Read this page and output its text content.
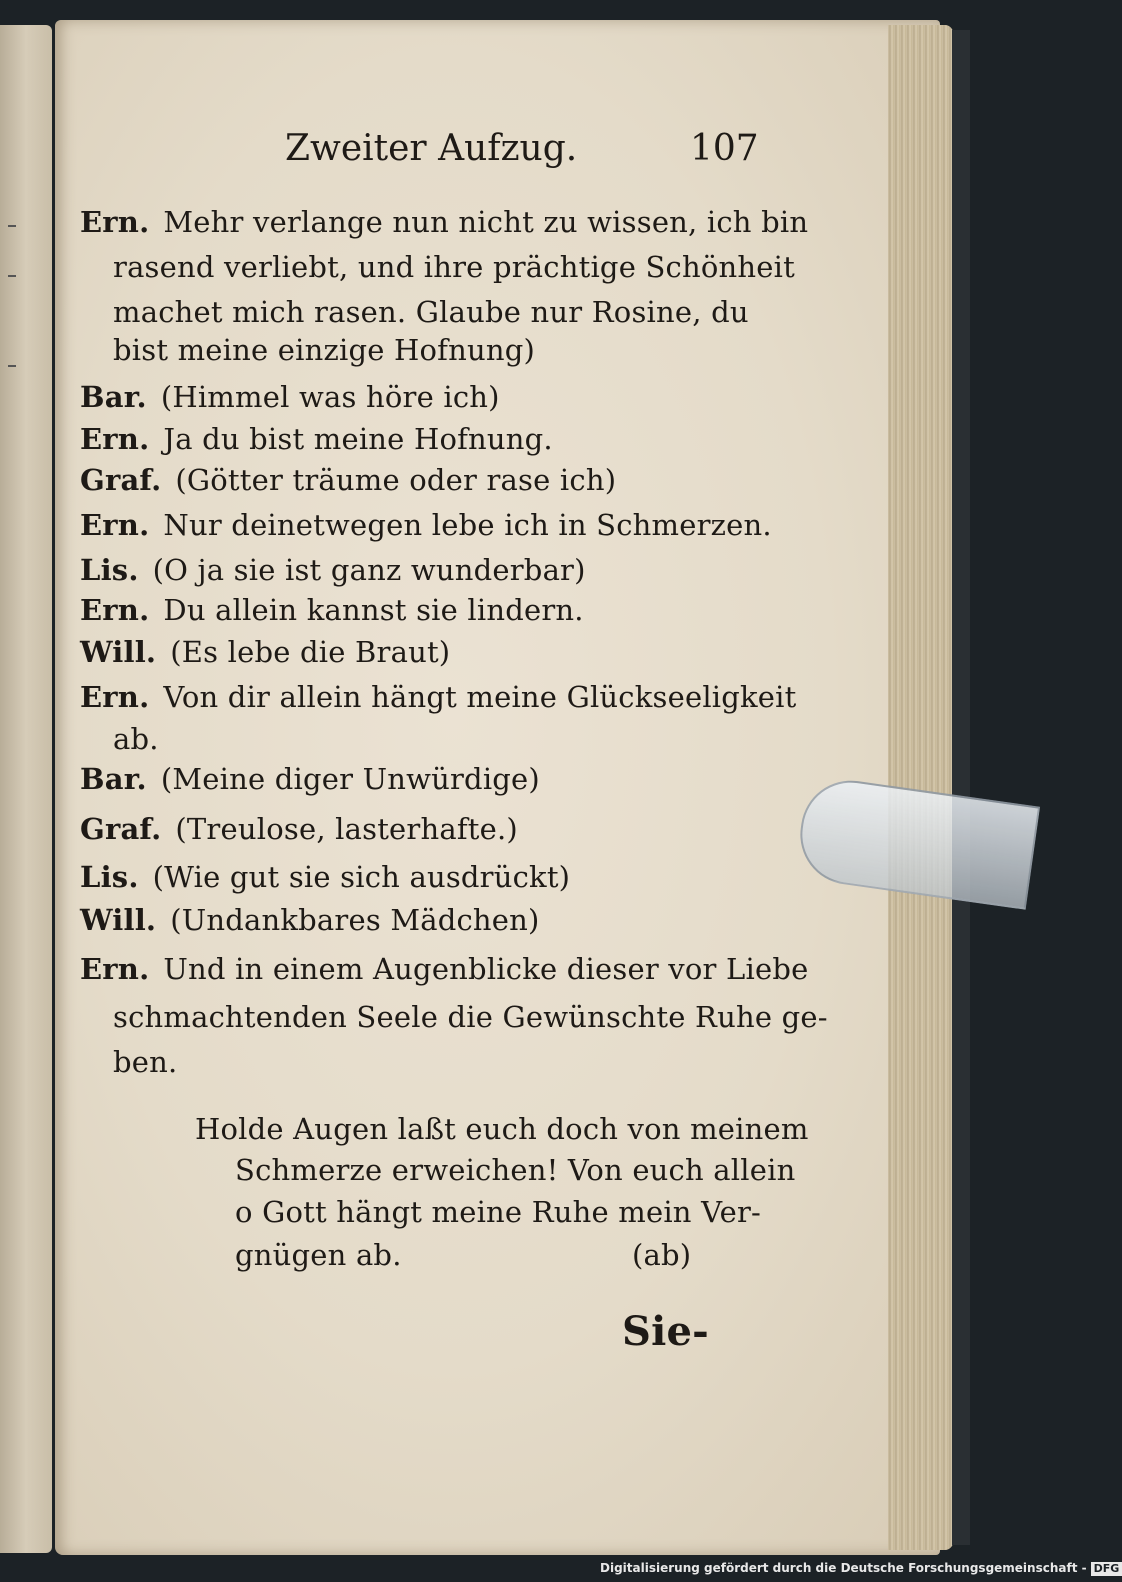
Zweiter Aufzug.	107
Ern. Mehr verlange nun nicht zu wissen, ich bin
rasend verliebt, und ihre prächtige Schönheit
machet mich rasen. Glaube nur Rosine, du
bist meine einzige Hofnung)
Bar. (Himmel was höre ich)
Ern. Ja du bist meine Hofnung.
Graf. (Götter träume oder rase ich)
Ern. Nur deinetwegen lebe ich in Schmerzen.
Lis. (O ja sie ist ganz wunderbar)
Ern. Du allein kannst sie lindern.
Will. (Es lebe die Braut)
Ern. Von dir allein hängt meine Glückseeligkeit
ab.
Bar. (Meine diger Unwürdige)
Graf. (Treulose, lasterhafte.)
Lis. (Wie gut sie sich ausdrückt)
Will. (Undankbares Mädchen)
Ern. Und in einem Augenblicke dieser vor Liebe
schmachtenden Seele die Gewünschte Ruhe ge-
ben.
Holde Augen laßt euch doch von meinem
Schmerze erweichen! Von euch allein
o Gott hängt meine Ruhe mein Ver-
gnügen ab.	(ab)
Sie-
Digitalisierung gefördert durch die Deutsche Forschungsgemeinschaft - DFG
